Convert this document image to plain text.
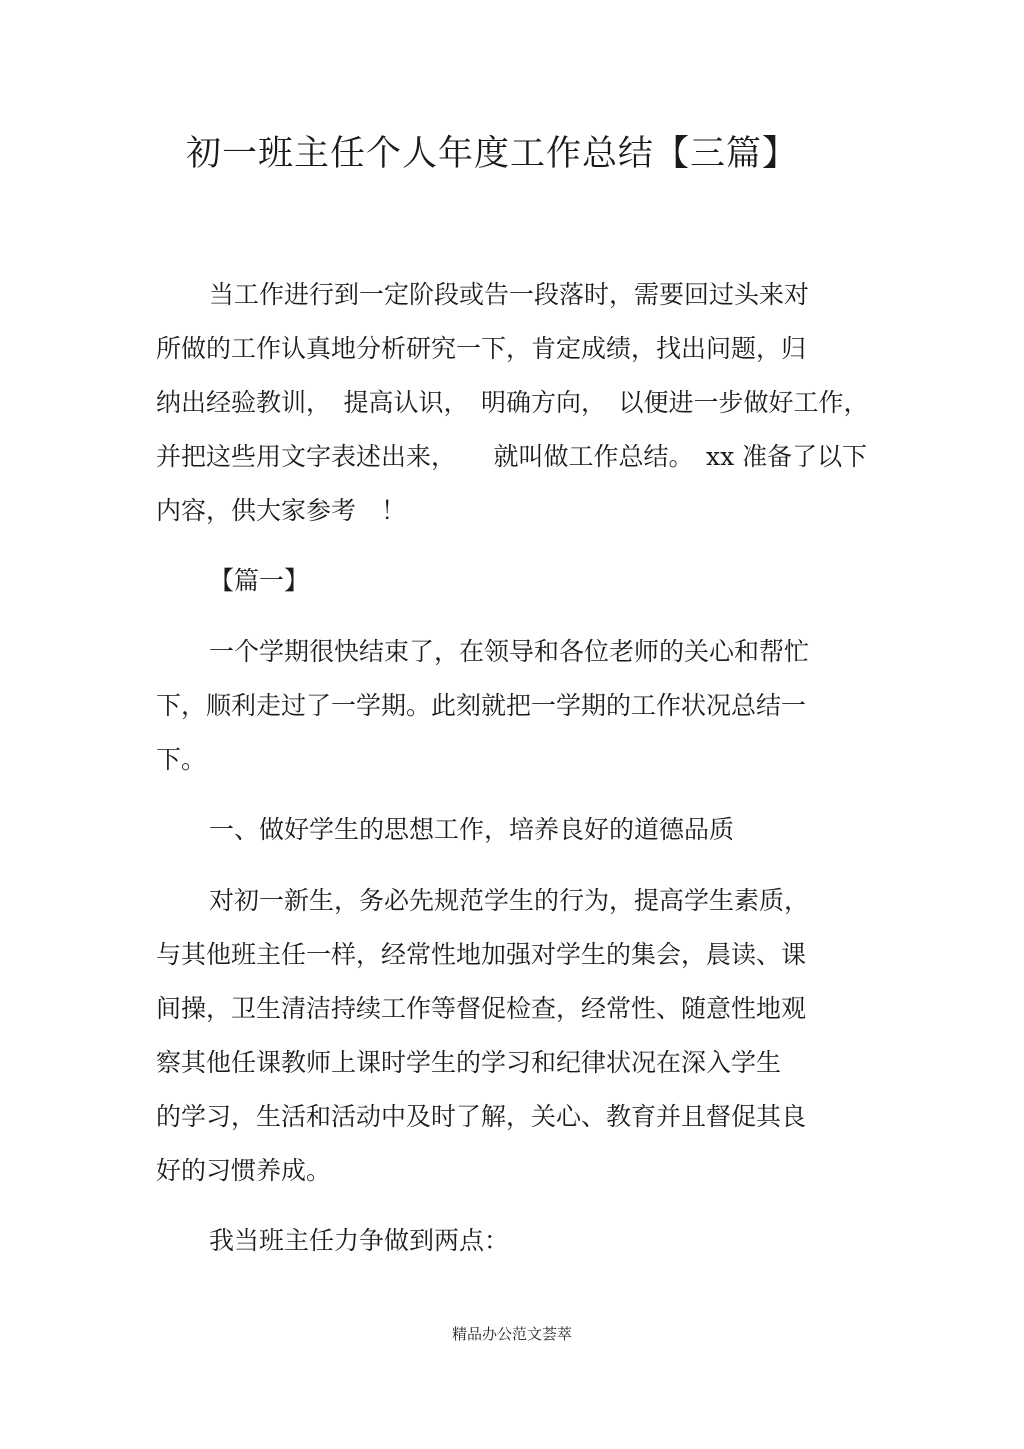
初一班主任个人年度工作总结【三篇】

当工作进行到一定阶段或告一段落时，需要回过头来对

所做的工作认真地分析研究一下，肯定成绩，找出问题，归

纳出经验教训，　提高认识，　明确方向，　以便进一步做好工作，

并把这些用文字表述出来，　　就叫做工作总结。　xx 准备了以下

内容，供大家参考　！

【篇一】

一个学期很快结束了，在领导和各位老师的关心和帮忙

下，顺利走过了一学期。此刻就把一学期的工作状况总结一

下。

一、做好学生的思想工作，培养良好的道德品质

对初一新生，务必先规范学生的行为，提高学生素质，

与其他班主任一样，经常性地加强对学生的集会，晨读、课

间操，卫生清洁持续工作等督促检查，经常性、随意性地观

察其他任课教师上课时学生的学习和纪律状况在深入学生

的学习，生活和活动中及时了解，关心、教育并且督促其良

好的习惯养成。

我当班主任力争做到两点：

精品办公范文荟萃
